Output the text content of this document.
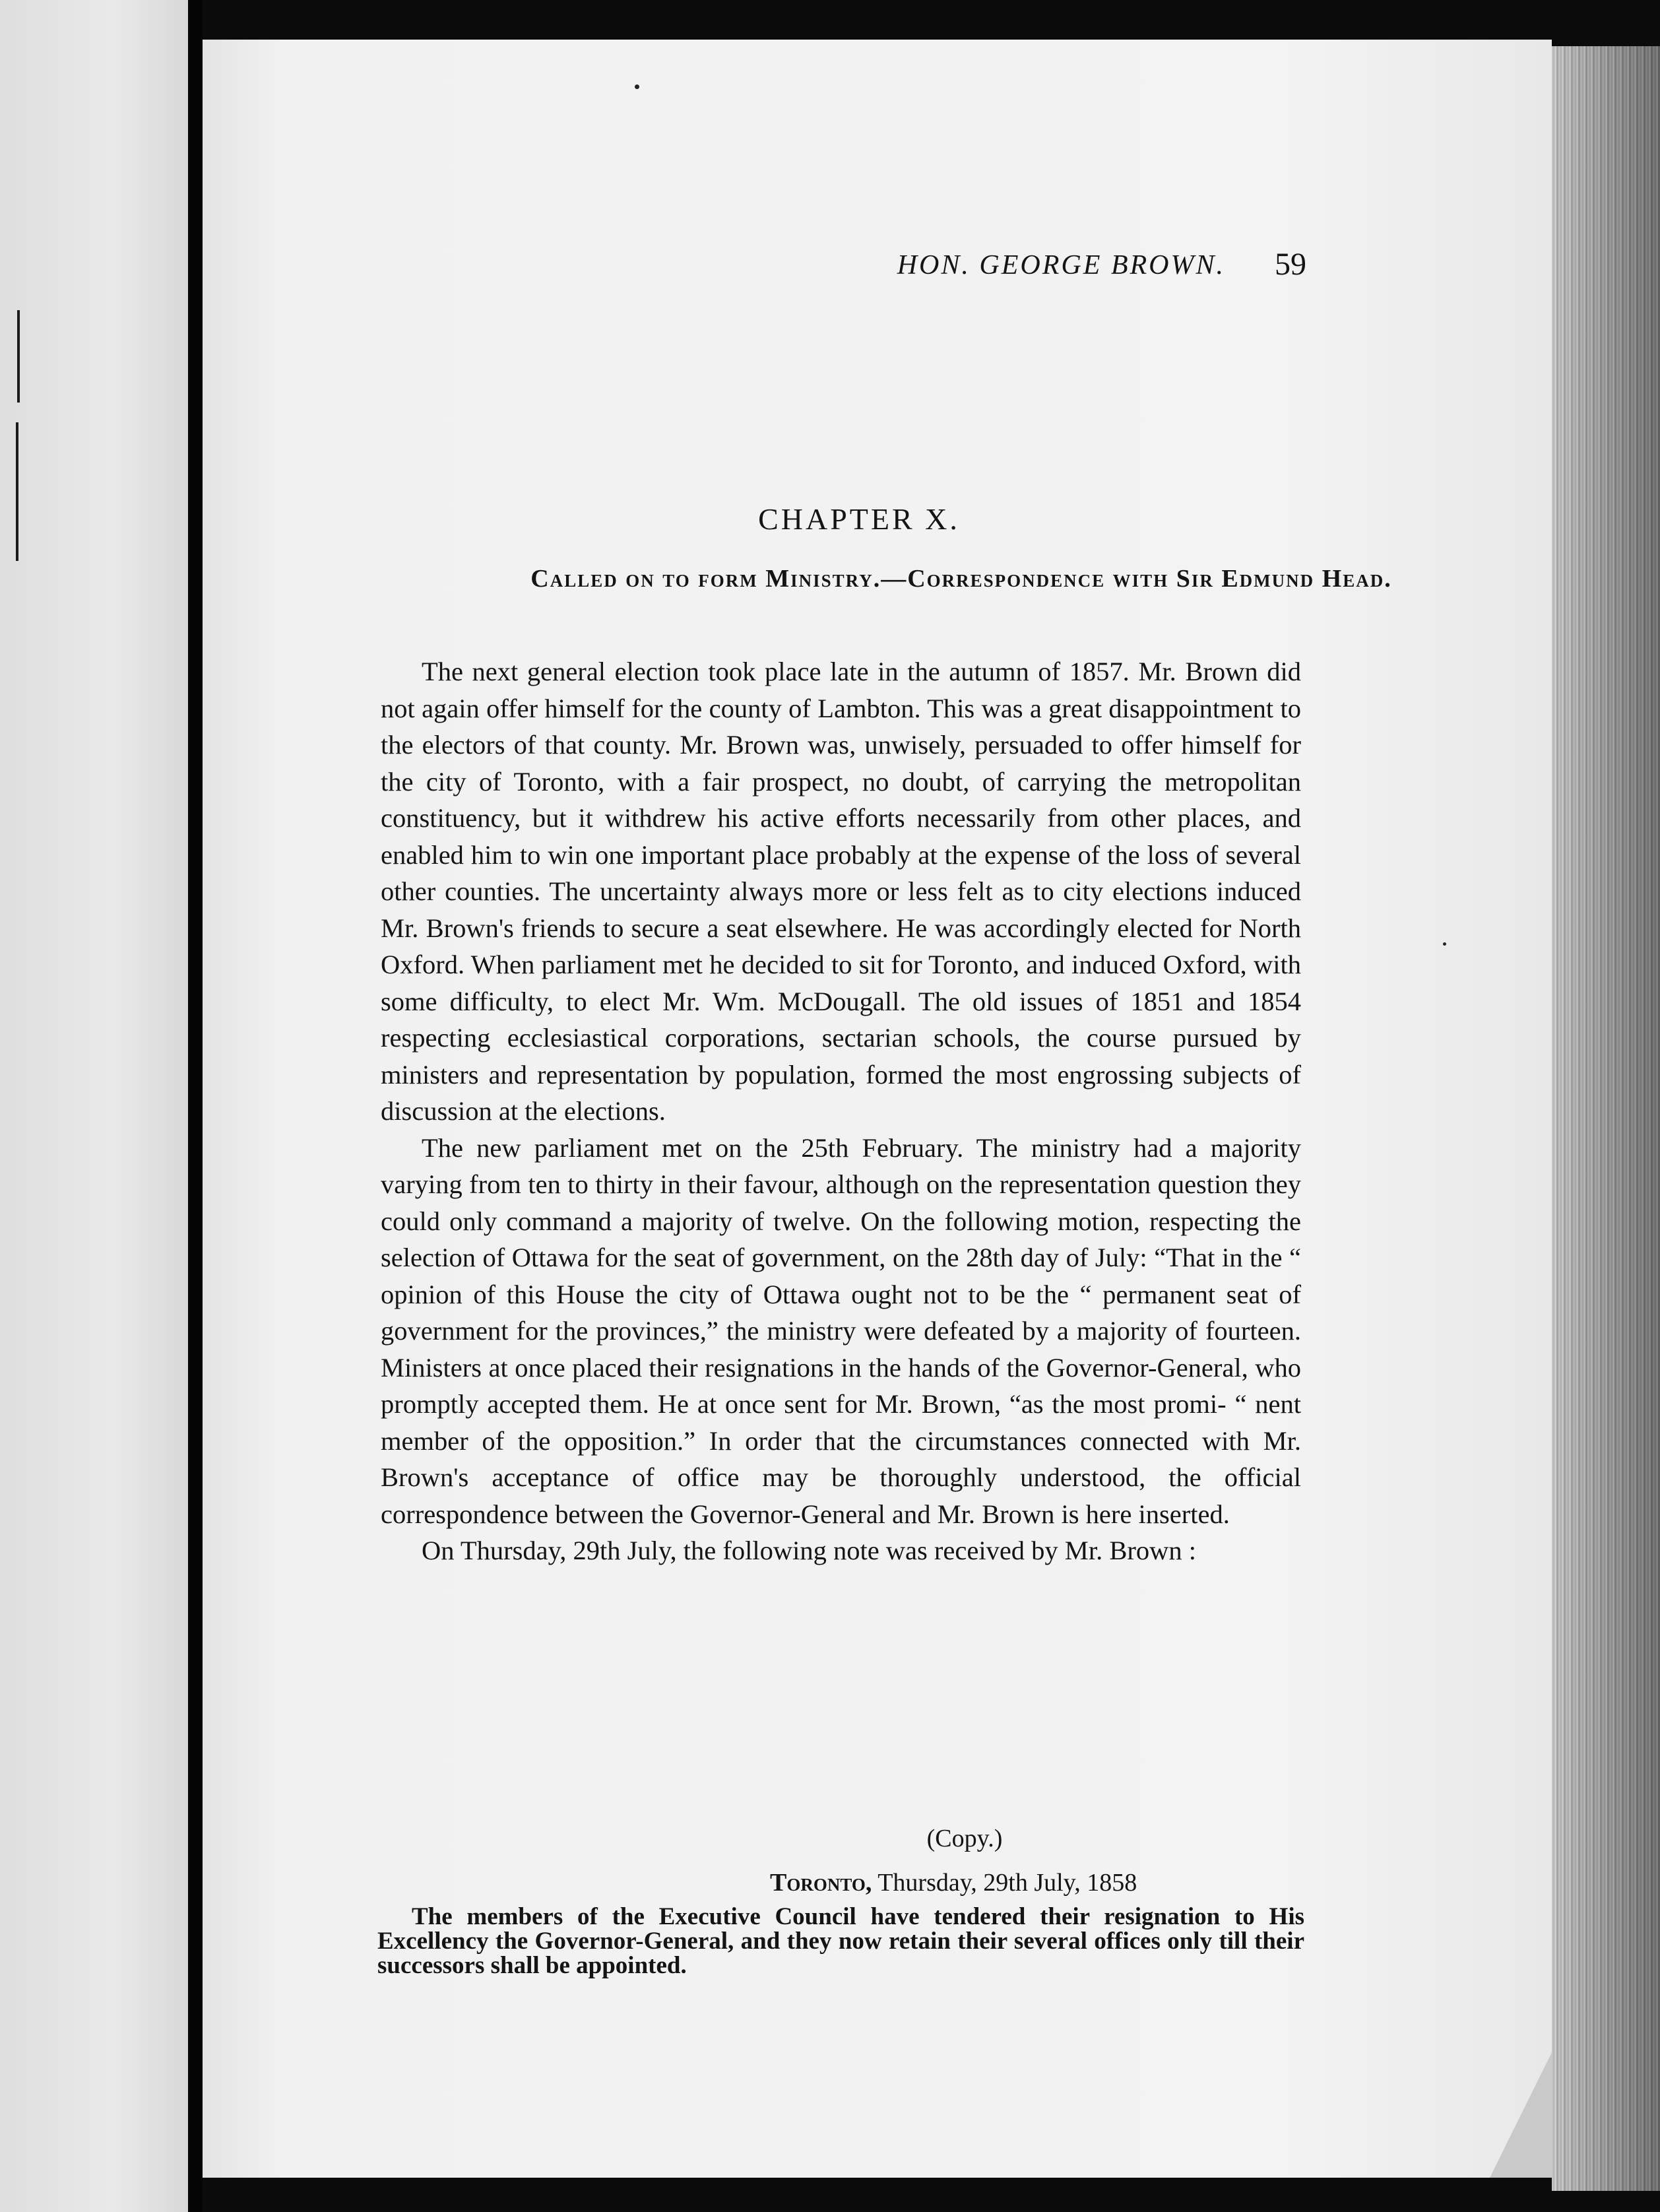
HON. GEORGE BROWN. 59
CHAPTER X.
Called on to form Ministry.—Correspondence with Sir Edmund Head.

The next general election took place late in the autumn of 1857. Mr. Brown did not again offer himself for the county of Lambton. This was a great disappointment to the electors of that county. Mr. Brown was, unwisely, persuaded to offer himself for the city of Toronto, with a fair prospect, no doubt, of carrying the metropolitan constituency, but it withdrew his active efforts necessarily from other places, and enabled him to win one important place probably at the expense of the loss of several other counties. The uncertainty always more or less felt as to city elections induced Mr. Brown's friends to secure a seat elsewhere. He was accordingly elected for North Oxford. When parliament met he decided to sit for Toronto, and induced Oxford, with some difficulty, to elect Mr. Wm. McDougall. The old issues of 1851 and 1854 respecting ecclesiastical corporations, sectarian schools, the course pursued by ministers and representation by population, formed the most engrossing subjects of discussion at the elections.

The new parliament met on the 25th February. The ministry had a majority varying from ten to thirty in their favour, although on the representation question they could only command a majority of twelve. On the following motion, respecting the selection of Ottawa for the seat of government, on the 28th day of July: “That in the “ opinion of this House the city of Ottawa ought not to be the “ permanent seat of government for the provinces,” the ministry were defeated by a majority of fourteen. Ministers at once placed their resignations in the hands of the Governor-General, who promptly accepted them. He at once sent for Mr. Brown, “as the most promi- “ nent member of the opposition.” In order that the circumstances connected with Mr. Brown's acceptance of office may be thoroughly understood, the official correspondence between the Governor-General and Mr. Brown is here inserted.

On Thursday, 29th July, the following note was received by Mr. Brown :

(Copy.)
Toronto, Thursday, 29th July, 1858

The members of the Executive Council have tendered their resignation to His Excellency the Governor-General, and they now retain their several offices only till their successors shall be appointed.
